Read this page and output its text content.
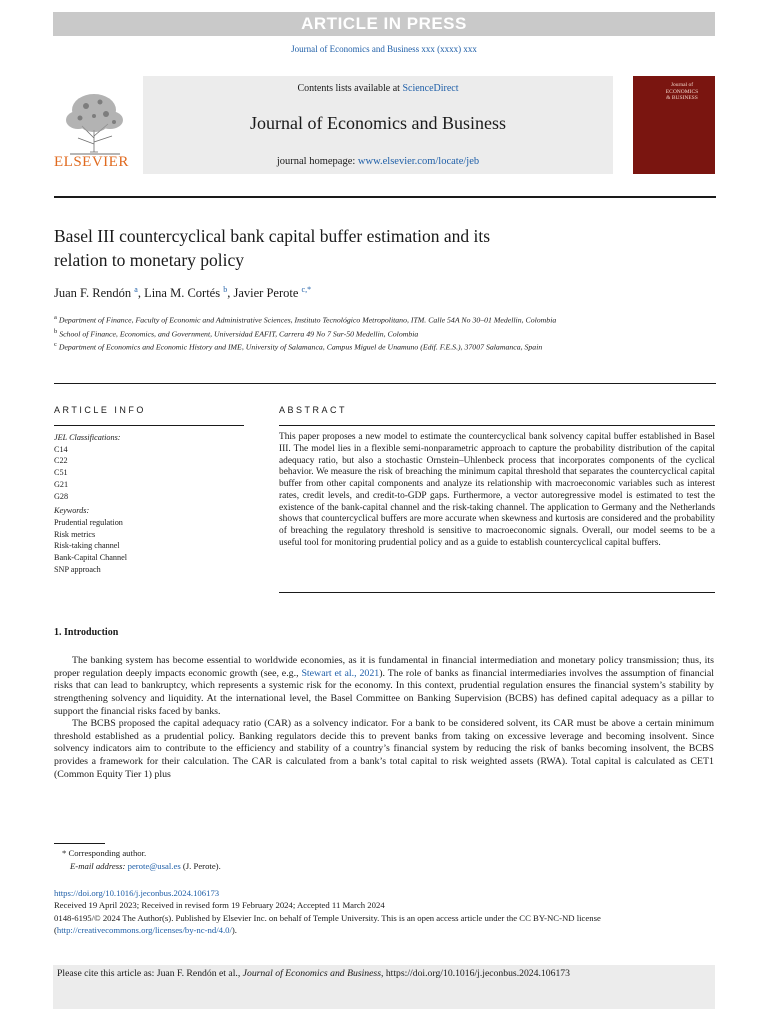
ARTICLE IN PRESS
Journal of Economics and Business xxx (xxxx) xxx
Contents lists available at ScienceDirect
Journal of Economics and Business
journal homepage: www.elsevier.com/locate/jeb
ELSEVIER
Journal of
ECONOMICS
& BUSINESS
Basel III countercyclical bank capital buffer estimation and its
relation to monetary policy
Juan F. Rendón $^a$, Lina M. Cortés $^b$, Javier Perote $^{c,*}$
$^a$ Department of Finance, Faculty of Economic and Administrative Sciences, Instituto Tecnológico Metropolitano, ITM. Calle 54A No 30–01 Medellin, Colombia
$^b$ School of Finance, Economics, and Government, Universidad EAFIT, Carrera 49 No 7 Sur-50 Medellin, Colombia
$^c$ Department of Economics and Economic History and IME, University of Salamanca, Campus Miguel de Unamuno (Edif. F.E.S.), 37007 Salamanca, Spain
ARTICLE INFO	ABSTRACT
JEL Classifications:
C14
C22
C51
G21
G28
Keywords:
Prudential regulation
Risk metrics
Risk-taking channel
Bank-Capital Channel
SNP approach
This paper proposes a new model to estimate the countercyclical bank solvency capital buffer established in Basel III. The model lies in a flexible semi-nonparametric approach to capture the probability distribution of the capital adequacy ratio, but also a stochastic Ornstein–Uhlenbeck process that incorporates components of the cyclical behavior. We measure the risk of breaching the minimum capital threshold that separates the countercyclical capital buffer from other capital components and analyze its relationship with macroeconomic variables such as interest rates, credit levels, and credit-to-GDP gaps. Furthermore, a vector autoregressive model is estimated to test the existence of the bank-capital channel and the risk-taking channel. The application to Germany and the Netherlands shows that countercyclical buffers are more accurate when skewness and kurtosis are considered and the probability of breaching the regulatory threshold is sensitive to macroeconomic signals. Overall, our model seems to be a useful tool for monitoring prudential policy and as a guide to establish countercyclical capital buffers.
1. Introduction

The banking system has become essential to worldwide economies, as it is fundamental in financial intermediation and monetary policy transmission; thus, its proper regulation deeply impacts economic growth (see, e.g., Stewart et al., 2021). The role of banks as financial intermediaries involves the assumption of financial risks that can lead to bankruptcy, which represents a systemic risk for the economy. In this context, prudential regulation ensures the financial system’s stability by strengthening solvency and liquidity. At the international level, the Basel Committee on Banking Supervision (BCBS) has defined capital adequacy as a pillar to support the financial risks faced by banks.

The BCBS proposed the capital adequacy ratio (CAR) as a solvency indicator. For a bank to be considered solvent, its CAR must be above a certain minimum threshold established as a prudential policy. Banking regulators decide this to prevent banks from taking on excessive leverage and becoming insolvent. Since solvency indicators aim to contribute to the efficiency and stability of a country’s financial system by reducing the risk of banks becoming insolvent, the BCBS provides a framework for their calculation. The CAR is calculated from a bank’s total capital to risk weighted assets (RWA). Total capital is calculated as CET1 (Common Equity Tier 1) plus

* Corresponding author.
E-mail address: perote@usal.es (J. Perote).
https://doi.org/10.1016/j.jeconbus.2024.106173
Received 19 April 2023; Received in revised form 19 February 2024; Accepted 11 March 2024
0148-6195/© 2024 The Author(s). Published by Elsevier Inc. on behalf of Temple University. This is an open access article under the CC BY-NC-ND license (http://creativecommons.org/licenses/by-nc-nd/4.0/).
Please cite this article as: Juan F. Rendón et al., Journal of Economics and Business, https://doi.org/10.1016/j.jeconbus.2024.106173
